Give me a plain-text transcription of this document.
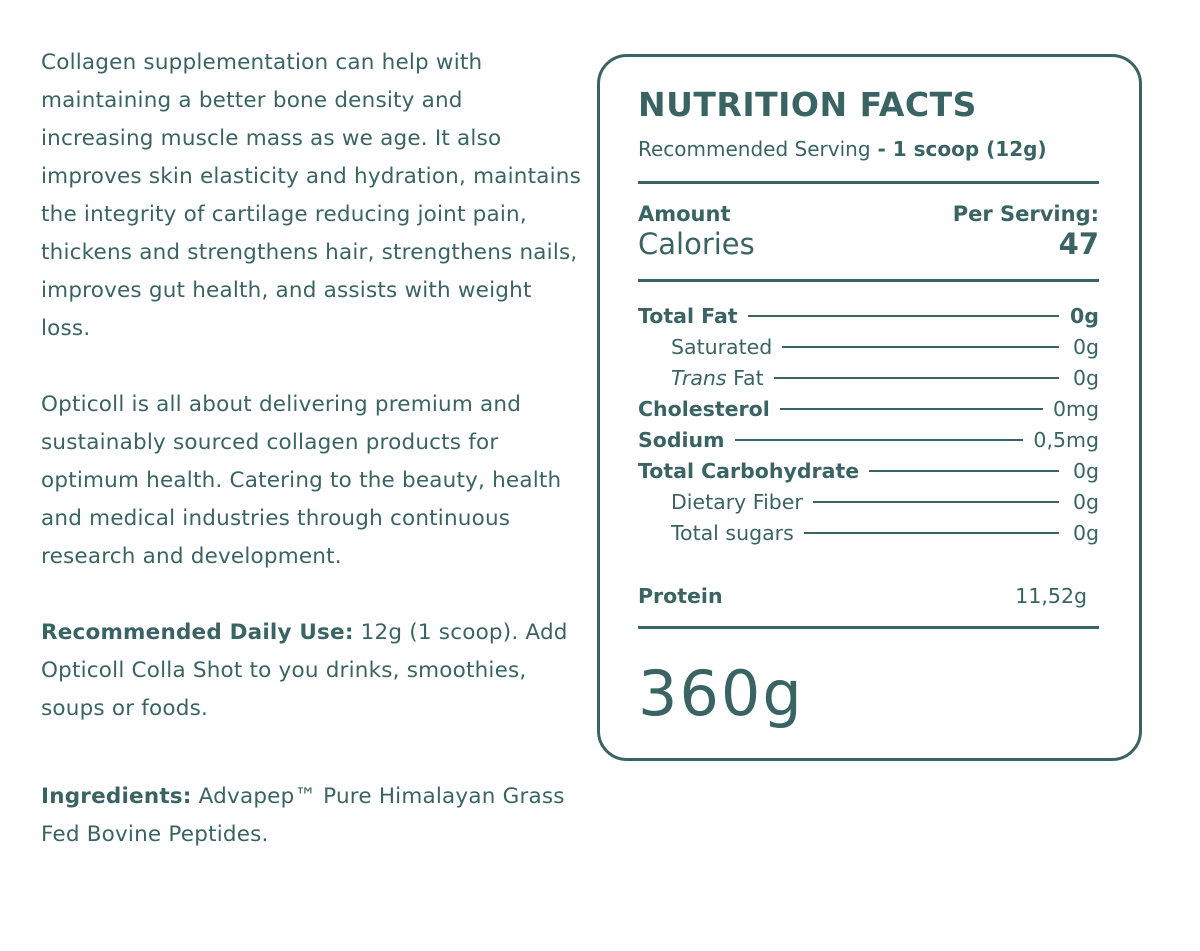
Collagen supplementation can help with maintaining a better bone density and increasing muscle mass as we age. It also improves skin elasticity and hydration, maintains the integrity of cartilage reducing joint pain, thickens and strengthens hair, strengthens nails, improves gut health, and assists with weight loss.

Opticoll is all about delivering premium and sustainably sourced collagen products for optimum health. Catering to the beauty, health and medical industries through continuous research and development.

Recommended Daily Use: 12g (1 scoop). Add Opticoll Colla Shot to you drinks, smoothies, soups or foods.

Ingredients: Advapep™ Pure Himalayan Grass Fed Bovine Peptides.

NUTRITION FACTS
Recommended Serving - 1 scoop (12g)
Amount	Per Serving:
Calories	47
Total Fat	0g
Saturated	0g
Trans Fat	0g
Cholesterol	0mg
Sodium	0,5mg
Total Carbohydrate	0g
Dietary Fiber	0g
Total sugars	0g
Protein	11,52g
360g
